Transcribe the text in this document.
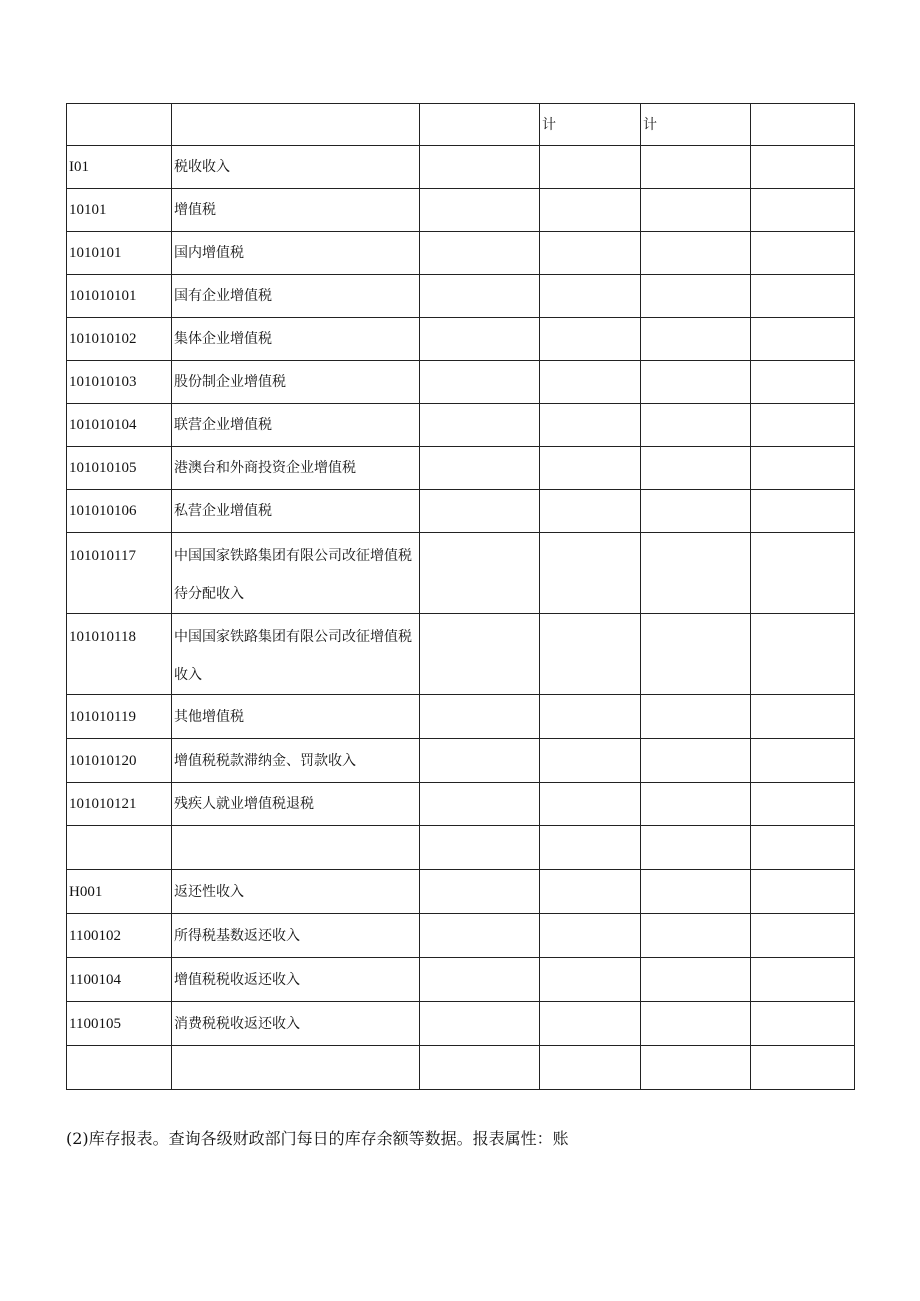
			计	计	
I01	税收收入				
10101	增值税				
1010101	国内增值税				
101010101	国有企业增值税				
101010102	集体企业增值税				
101010103	股份制企业增值税				
101010104	联营企业增值税				
101010105	港澳台和外商投资企业增值税				
101010106	私营企业增值税				
101010117	中国国家铁路集团有限公司改征增值税待分配收入				
101010118	中国国家铁路集团有限公司改征增值税收入				
101010119	其他增值税				
101010120	增值税税款滞纳金、罚款收入				
101010121	残疾人就业增值税退税				

H001	返还性收入				
1100102	所得税基数返还收入				
1100104	增值税税收返还收入				
1100105	消费税税收返还收入				

(2)库存报表。查询各级财政部门每日的库存余额等数据。报表属性：账
